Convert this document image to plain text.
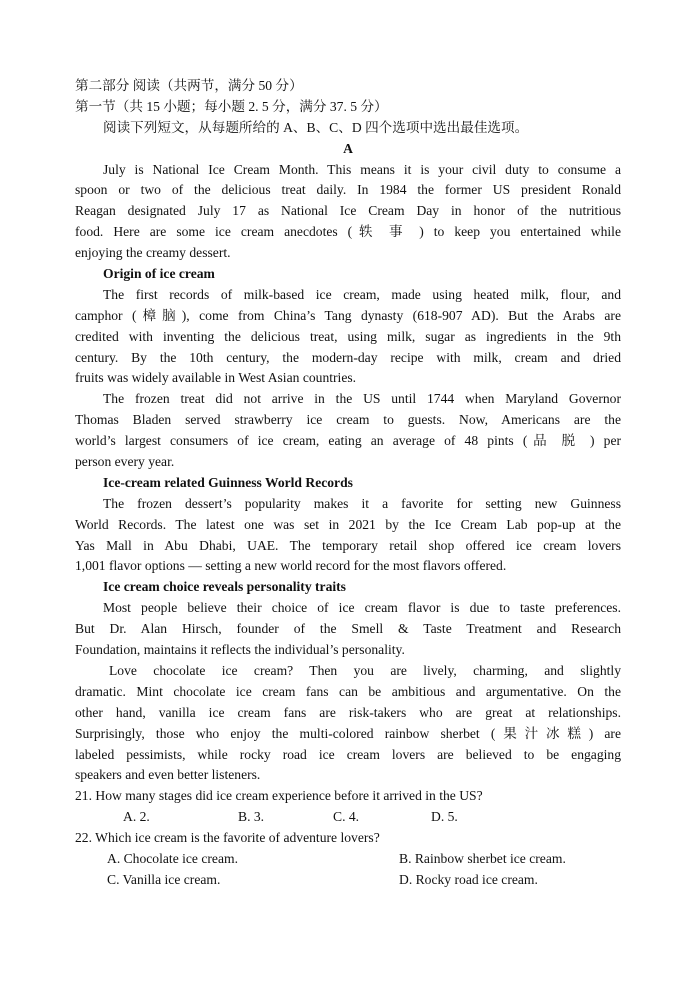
第二部分 阅读（共两节，满分 50 分）
第一节（共 15 小题；每小题 2. 5 分，满分 37. 5 分）
阅读下列短文，从每题所给的 A、B、C、D 四个选项中选出最佳选项。
A
July is National Ice Cream Month. This means it is your civil duty to consume a
spoon or two of the delicious treat daily. In 1984 the former US president Ronald
Reagan designated July 17 as National Ice Cream Day in honor of the nutritious
food. Here are some ice cream anecdotes (轶 事 ) to keep you entertained while
enjoying the creamy dessert.
Origin of ice cream
The first records of milk-based ice cream, made using heated milk, flour, and
camphor (樟脑), come from China’s Tang dynasty (618-907 AD). But the Arabs are
credited with inventing the delicious treat, using milk, sugar as ingredients in the 9th
century. By the 10th century, the modern-day recipe with milk, cream and dried
fruits was widely available in West Asian countries.
The frozen treat did not arrive in the US until 1744 when Maryland Governor
Thomas Bladen served strawberry ice cream to guests. Now, Americans are the
world’s largest consumers of ice cream, eating an average of 48 pints (品 脱 ) per
person every year.
Ice-cream related Guinness World Records
The frozen dessert’s popularity makes it a favorite for setting new Guinness
World Records. The latest one was set in 2021 by the Ice Cream Lab pop-up at the
Yas Mall in Abu Dhabi, UAE. The temporary retail shop offered ice cream lovers
1,001 flavor options — setting a new world record for the most flavors offered.
Ice cream choice reveals personality traits
Most people believe their choice of ice cream flavor is due to taste preferences.
But Dr. Alan Hirsch, founder of the Smell & Taste Treatment and Research
Foundation, maintains it reflects the individual’s personality.
Love chocolate ice cream? Then you are lively, charming, and slightly
dramatic. Mint chocolate ice cream fans can be ambitious and argumentative. On the
other hand, vanilla ice cream fans are risk-takers who are great at relationships.
Surprisingly, those who enjoy the multi-colored rainbow sherbet (果汁冰糕) are
labeled pessimists, while rocky road ice cream lovers are believed to be engaging
speakers and even better listeners.
21. How many stages did ice cream experience before it arrived in the US?
A. 2.	B. 3.	C. 4.	D. 5.
22. Which ice cream is the favorite of adventure lovers?
A. Chocolate ice cream.	B. Rainbow sherbet ice cream.
C. Vanilla ice cream.	D. Rocky road ice cream.
